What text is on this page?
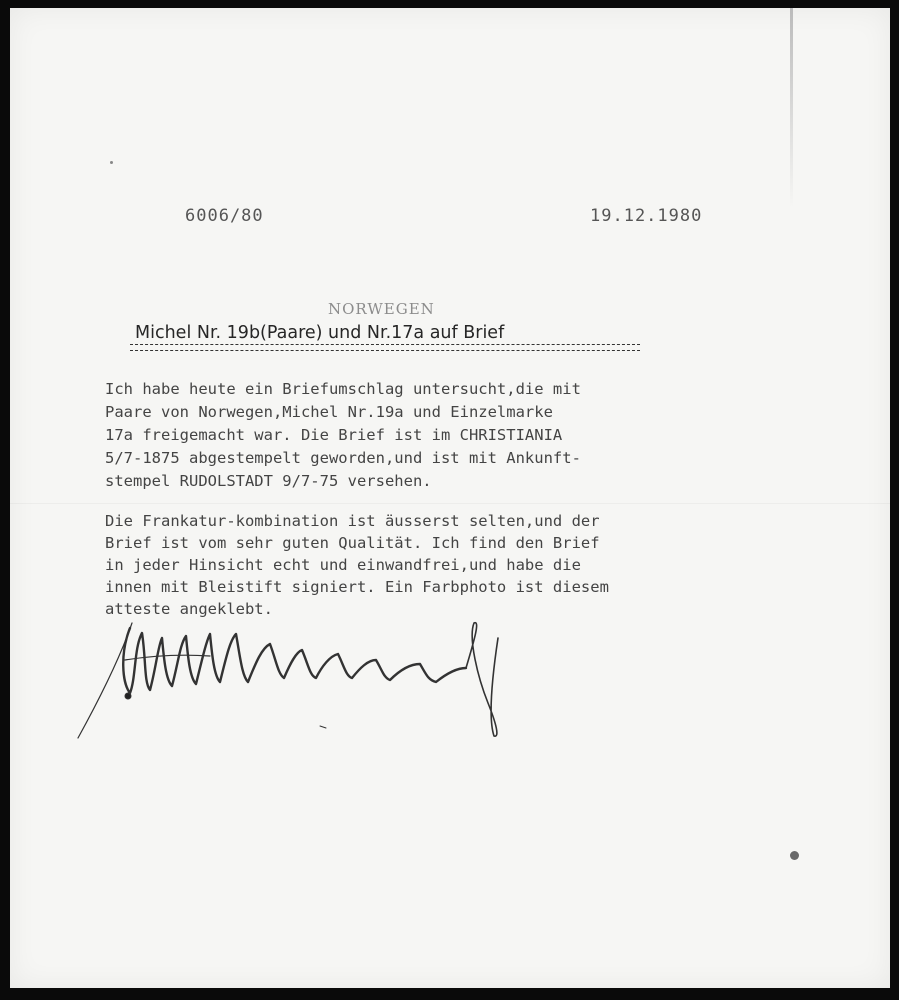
6006/80	19.12.1980
NORWEGEN
Michel Nr. 19b(Paare) und Nr.17a auf Brief
Ich habe heute ein Briefumschlag untersucht,die mit
Paare von Norwegen,Michel Nr.19a und Einzelmarke
17a freigemacht war. Die Brief ist im CHRISTIANIA
5/7-1875 abgestempelt geworden,und ist mit Ankunft-
stempel RUDOLSTADT 9/7-75 versehen.
Die Frankatur-kombination ist äusserst selten,und der
Brief ist vom sehr guten Qualität. Ich find den Brief
in jeder Hinsicht echt und einwandfrei,und habe die
innen mit Bleistift signiert. Ein Farbphoto ist diesem
atteste angeklebt.
